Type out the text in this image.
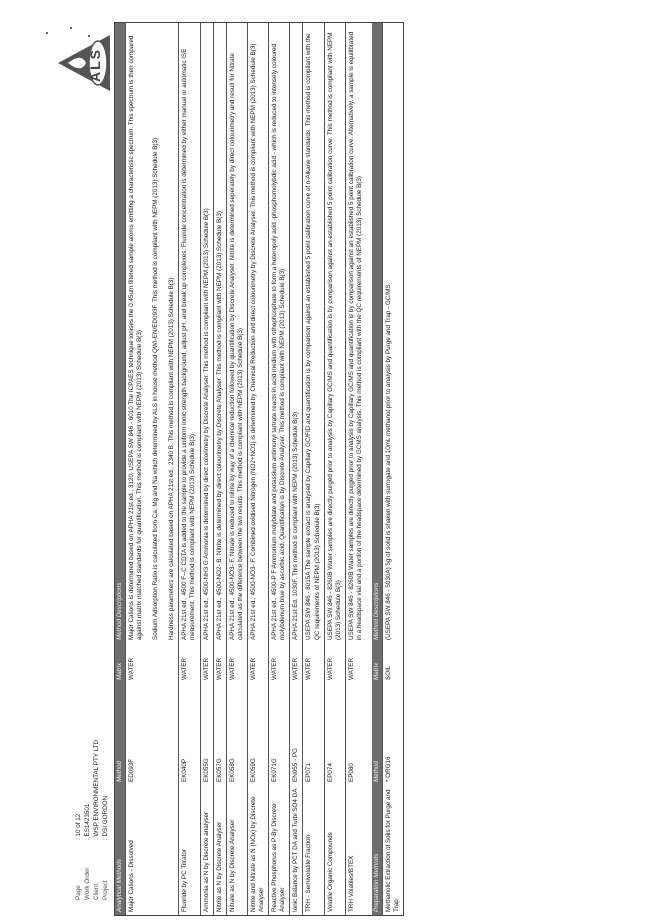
Page
: 10 of 12
Work Order
: ES1423501
Client
: WSP ENVIRONMENTAL PTY LTD
Project
: DSI GORDON
ALS
Analytical Methods
Method
Matrix
Method Descriptions
Major Cations - Dissolved
ED093F
WATER
Major Cations is determined based on APHA 21st ed., 3120; USEPA SW 846 - 6010 The ICPAES technique ionises the 0.45um filtered sample atoms emitting a characteristic spectrum. This spectrum is then compared against matrix matched standards for quantification. This method is compliant with NEPM (2013) Schedule B(3) Sodium Adsorption Ratio is calculated from Ca, Mg and Na which determined by ALS in house method QWI-EN/ED093F. This method is compliant with NEPM (2013) Schedule B(3) Hardness parameters are calculated based on APHA 21st ed., 2340 B. This method is compliant with NEPM (2013) Schedule B(3)
Fluoride by PC Titrator
EK040P
WATER
APHA 21st ed., 4500 F--C CDTA is added to the sample to provide a uniform ionic strength background, adjust pH, and break up complexes. Fluoride concentration is determined by either manual or automatic ISE measurement. This method is compliant with NEPM (2013) Schedule B(3)
Ammonia as N by Discrete analyser
EK055G
WATER
APHA 21st ed., 4500-NH3 G Ammonia is determined by direct colorimetry by Discrete Analyser. This method is compliant with NEPM (2013) Schedule B(3)
Nitrite as N by Discrete Analyser
EK057G
WATER
APHA 21st ed., 4500-NO2- B. Nitrite is determined by direct colourimetry by Discrete Analyser. This method is compliant with NEPM (2013) Schedule B(3)
Nitrate as N by Discrete Analyser
EK058G
WATER
APHA 21st ed., 4500-NO3- F. Nitrate is reduced to nitrite by way of a chemical reduction followed by quantification by Discrete Analyser. Nitrite is determined seperately by direct colourimetry and result for Nitrate calculated as the difference between the two results. This method is compliant with NEPM (2013) Schedule B(3)
Nitrite and Nitrate as N (NOx) by Discrete Analyser
EK059G
WATER
APHA 21st ed., 4500-NO3- F. Combined oxidised Nitrogen (NO2+NO3) is determined by Chemical Reduction and direct colourimetry by Discrete Analyser. This method is compliant with NEPM (2013) Schedule B(3)
Reactive Phosphorus as P-By Discrete Analyser
EK071G
WATER
APHA 21st ed., 4500-P F Ammonium molybdate and potassium antimonyl tartrate reacts in acid medium with othophosphate to form a heteropoly acid -phosphomolybdic acid - which is reduced to intensely coloured molybdenum blue by ascorbic acid. Quantification is by Discrete Analyser. This method is compliant with NEPM (2013) Schedule B(3)
Ionic Balance by PCT DA and Turbi SO4 DA
EN055 - PG
WATER
APHA 21st Ed. 1030F. This method is compliant with NEPM (2013) Schedule B(3)
TRH - Semivolatile Fraction
EP071
WATER
USEPA SW 846 - 8015A The sample extract is analysed by Capillary GC/FID and quantification is by comparison against an established 5 point calibration curve of n-Alkane standards. This method is compliant with the QC requirements of NEPM (2013) Schedule B(3)
Volatile Organic Compounds
EP074
WATER
USEPA SW 846 - 8260B Water samples are directly purged prior to analysis by Capillary GC/MS and quantification is by comparison against an established 5 point calibration curve. This method is compliant with NEPM (2013) Schedule B(3)
TRH Volatiles/BTEX
EP080
WATER
USEPA SW 846 - 8260B Water samples are directly purged prior to analysis by Capillary GC/MS and quantification is by comparison against an established 5 point calibration curve. Alternatively, a sample is equilibrated in a headspace vial and a portion of the headspace determined by GCMS analysis. This method is compliant with the QC requirements of NEPM (2013) Schedule B(3)
Preparation Methods
Method
Matrix
Method Descriptions
Methanolic Extraction of Soils for Purge and Trap
* ORG16
SOIL
(USEPA SW 846 - 5030A) 5g of solid is shaken with surrogate and 10mL methanol prior to analysis by Purge and Trap - GC/MS.
